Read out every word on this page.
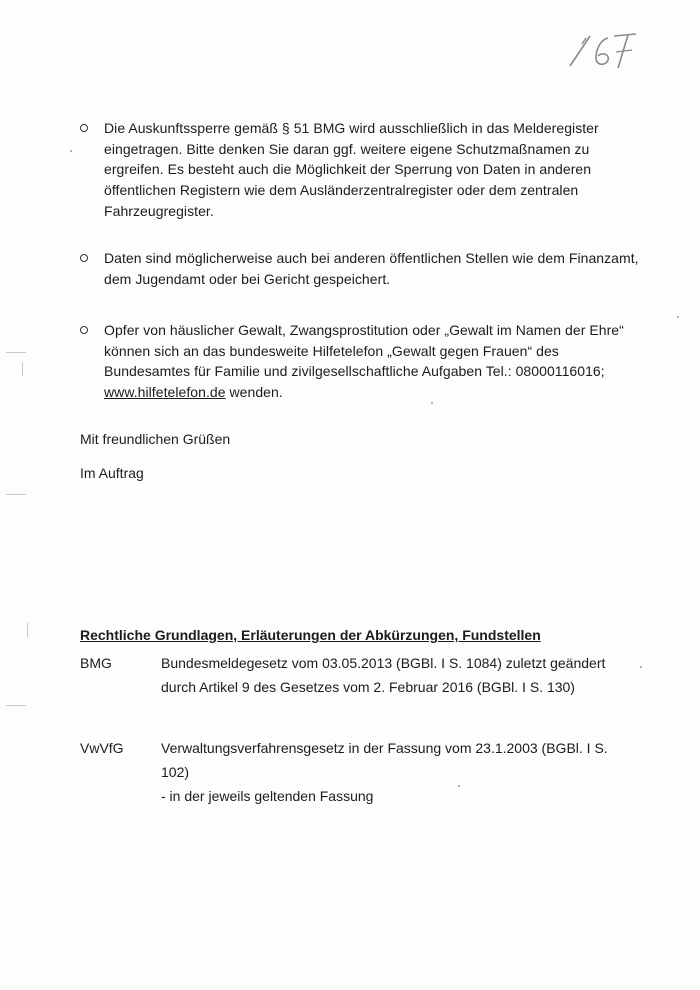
Die Auskunftssperre gemäß § 51 BMG wird ausschließlich in das Melderegister
eingetragen. Bitte denken Sie daran ggf. weitere eigene Schutzmaßnamen zu
ergreifen. Es besteht auch die Möglichkeit der Sperrung von Daten in anderen
öffentlichen Registern wie dem Ausländerzentralregister oder dem zentralen
Fahrzeugregister.
Daten sind möglicherweise auch bei anderen öffentlichen Stellen wie dem Finanzamt,
dem Jugendamt oder bei Gericht gespeichert.
Opfer von häuslicher Gewalt, Zwangsprostitution oder „Gewalt im Namen der Ehre“
können sich an das bundesweite Hilfetelefon „Gewalt gegen Frauen“ des
Bundesamtes für Familie und zivilgesellschaftliche Aufgaben Tel.: 08000116016;
www.hilfetelefon.de wenden.
Mit freundlichen Grüßen
Im Auftrag
Rechtliche Grundlagen, Erläuterungen der Abkürzungen, Fundstellen
BMG	Bundesmeldegesetz vom 03.05.2013 (BGBl. I S. 1084) zuletzt geändert
durch Artikel 9 des Gesetzes vom 2. Februar 2016 (BGBl. I S. 130)
VwVfG	Verwaltungsverfahrensgesetz in der Fassung vom 23.1.2003 (BGBl. I S. 102)
- in der jeweils geltenden Fassung
